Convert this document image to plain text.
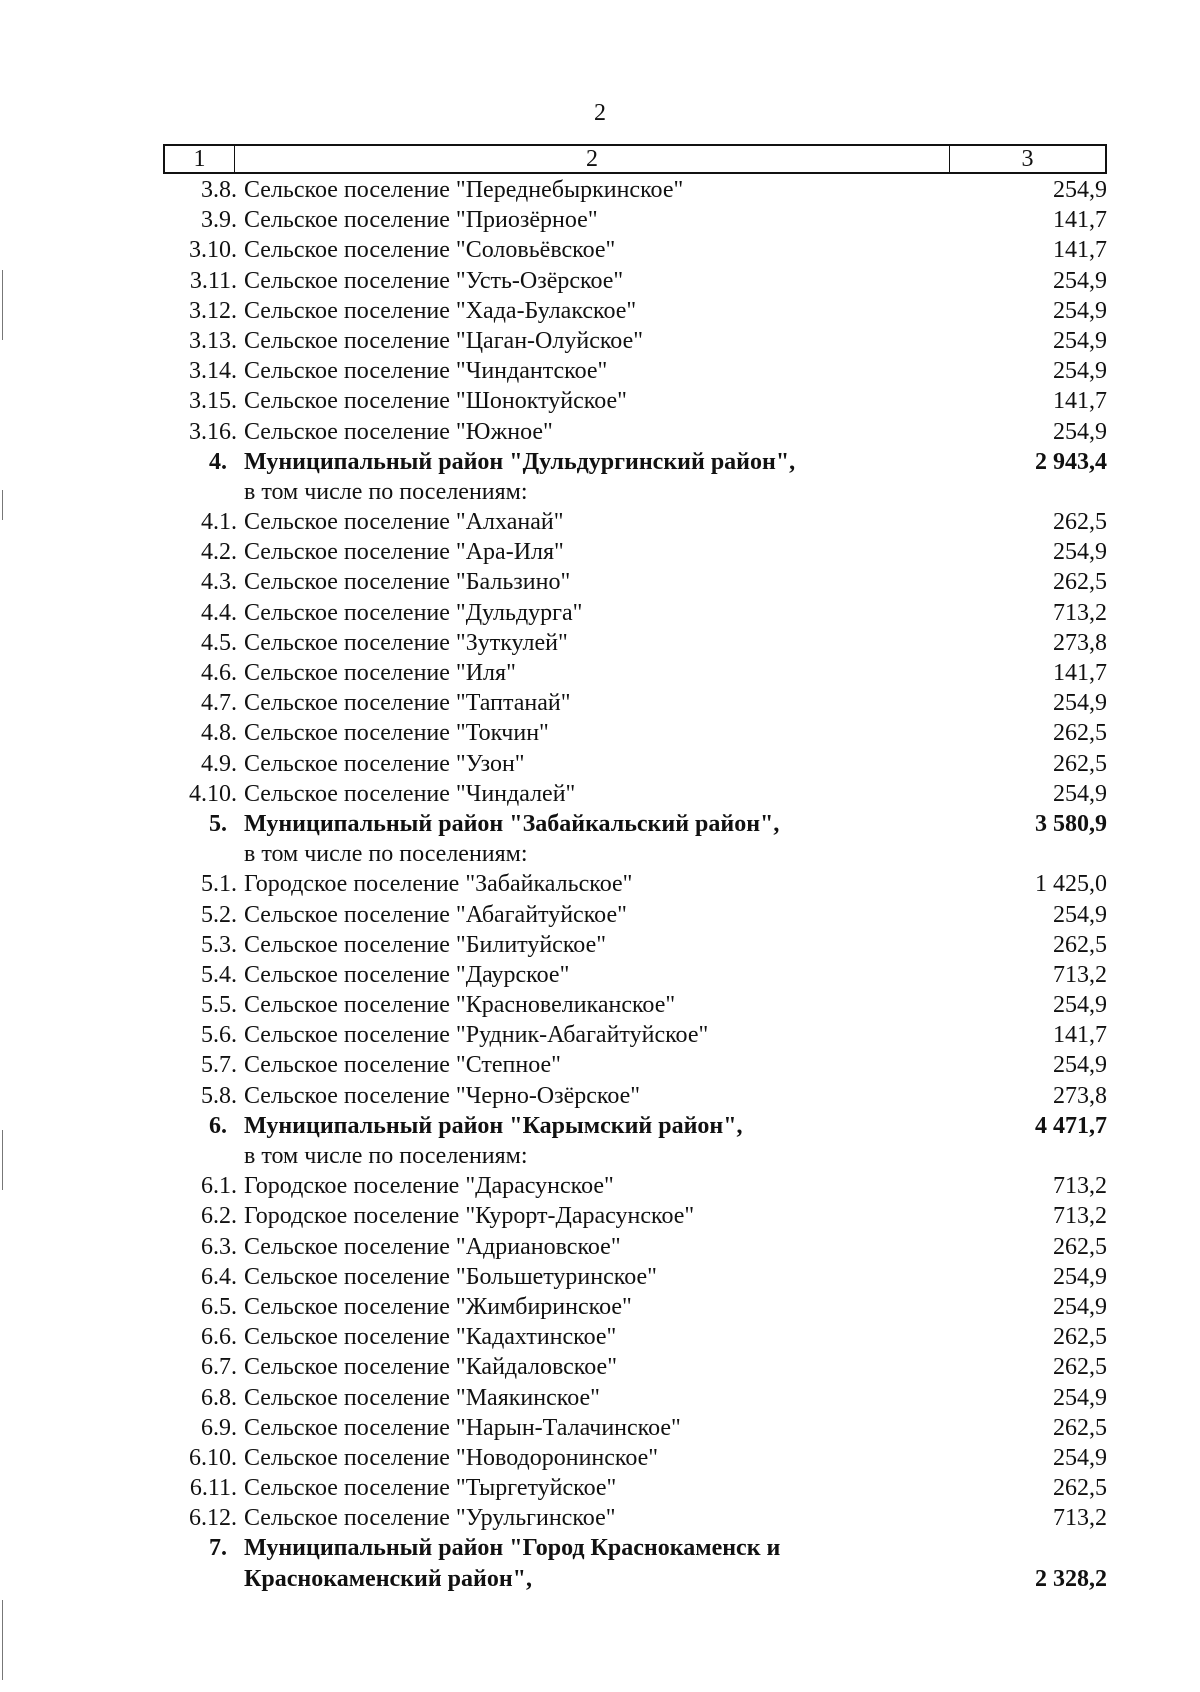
2
1	2	3
3.8. Сельское поселение "Переднебыркинское"	254,9
3.9. Сельское поселение "Приозёрное"	141,7
3.10. Сельское поселение "Соловьёвское"	141,7
3.11. Сельское поселение "Усть-Озёрское"	254,9
3.12. Сельское поселение "Хада-Булакское"	254,9
3.13. Сельское поселение "Цаган-Олуйское"	254,9
3.14. Сельское поселение "Чиндантское"	254,9
3.15. Сельское поселение "Шоноктуйское"	141,7
3.16. Сельское поселение "Южное"	254,9
4. Муниципальный район "Дульдургинский район",	2 943,4
в том числе по поселениям:
4.1. Сельское поселение "Алханай"	262,5
4.2. Сельское поселение "Ара-Иля"	254,9
4.3. Сельское поселение "Бальзино"	262,5
4.4. Сельское поселение "Дульдурга"	713,2
4.5. Сельское поселение "Зуткулей"	273,8
4.6. Сельское поселение "Иля"	141,7
4.7. Сельское поселение "Таптанай"	254,9
4.8. Сельское поселение "Токчин"	262,5
4.9. Сельское поселение "Узон"	262,5
4.10. Сельское поселение "Чиндалей"	254,9
5. Муниципальный район "Забайкальский район",	3 580,9
в том числе по поселениям:
5.1. Городское поселение "Забайкальское"	1 425,0
5.2. Сельское поселение "Абагайтуйское"	254,9
5.3. Сельское поселение "Билитуйское"	262,5
5.4. Сельское поселение "Даурское"	713,2
5.5. Сельское поселение "Красновеликанское"	254,9
5.6. Сельское поселение "Рудник-Абагайтуйское"	141,7
5.7. Сельское поселение "Степное"	254,9
5.8. Сельское поселение "Черно-Озёрское"	273,8
6. Муниципальный район "Карымский район",	4 471,7
в том числе по поселениям:
6.1. Городское поселение "Дарасунское"	713,2
6.2. Городское поселение "Курорт-Дарасунское"	713,2
6.3. Сельское поселение "Адриановское"	262,5
6.4. Сельское поселение "Большетуринское"	254,9
6.5. Сельское поселение "Жимбиринское"	254,9
6.6. Сельское поселение "Кадахтинское"	262,5
6.7. Сельское поселение "Кайдаловское"	262,5
6.8. Сельское поселение "Маякинское"	254,9
6.9. Сельское поселение "Нарын-Талачинское"	262,5
6.10. Сельское поселение "Новодоронинское"	254,9
6.11. Сельское поселение "Тыргетуйское"	262,5
6.12. Сельское поселение "Урульгинское"	713,2
7. Муниципальный район "Город Краснокаменск и
Краснокаменский район",	2 328,2
